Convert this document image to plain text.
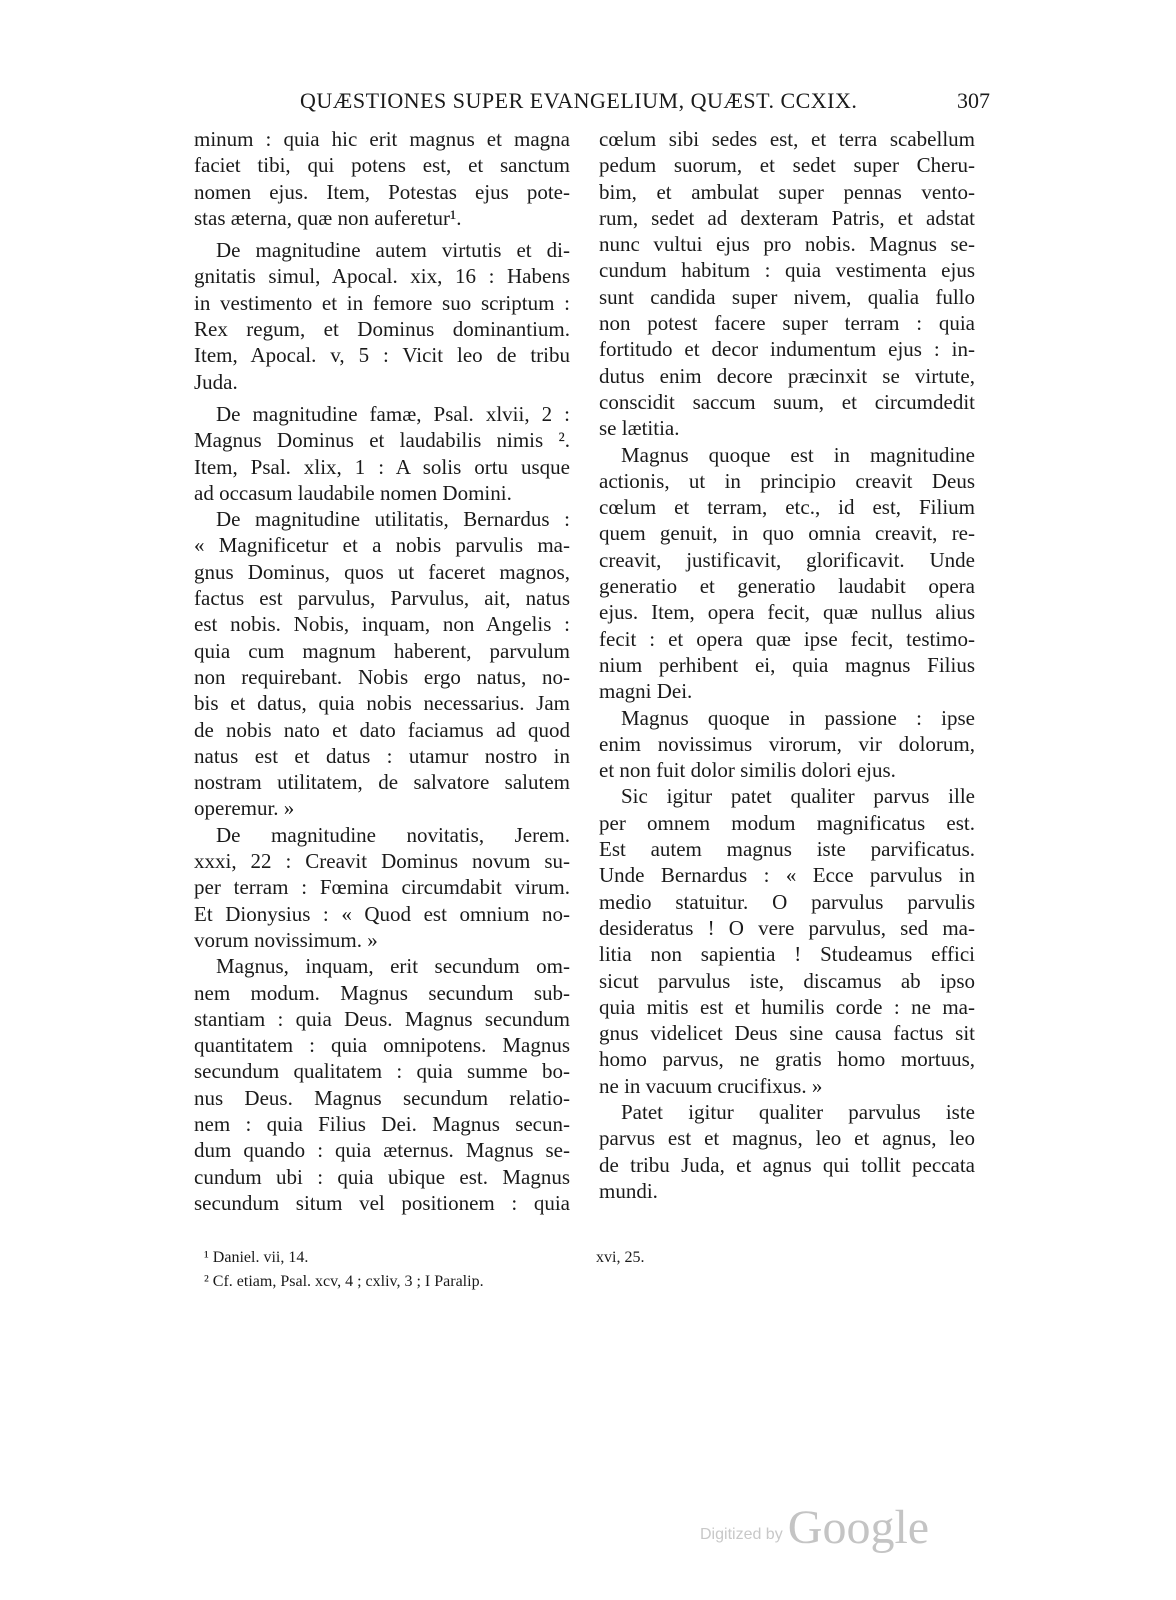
QUÆSTIONES SUPER EVANGELIUM, QUÆST. CCXIX.	307
minum : quia hic erit magnus et magna
faciet tibi, qui potens est, et sanctum
nomen ejus. Item, Potestas ejus pote-
stas æterna, quæ non auferetur¹.
De magnitudine autem virtutis et di-
gnitatis simul, Apocal. xix, 16 : Habens
in vestimento et in femore suo scriptum :
Rex regum, et Dominus dominantium.
Item, Apocal. v, 5 : Vicit leo de tribu
Juda.
De magnitudine famæ, Psal. xlvii, 2 :
Magnus Dominus et laudabilis nimis ².
Item, Psal. xlix, 1 : A solis ortu usque
ad occasum laudabile nomen Domini.
De magnitudine utilitatis, Bernardus :
« Magnificetur et a nobis parvulis ma-
gnus Dominus, quos ut faceret magnos,
factus est parvulus, Parvulus, ait, natus
est nobis. Nobis, inquam, non Angelis :
quia cum magnum haberent, parvulum
non requirebant. Nobis ergo natus, no-
bis et datus, quia nobis necessarius. Jam
de nobis nato et dato faciamus ad quod
natus est et datus : utamur nostro in
nostram utilitatem, de salvatore salutem
operemur. »
De magnitudine novitatis, Jerem.
xxxi, 22 : Creavit Dominus novum su-
per terram : Fœmina circumdabit virum.
Et Dionysius : « Quod est omnium no-
vorum novissimum. »
Magnus, inquam, erit secundum om-
nem modum. Magnus secundum sub-
stantiam : quia Deus. Magnus secundum
quantitatem : quia omnipotens. Magnus
secundum qualitatem : quia summe bo-
nus Deus. Magnus secundum relatio-
nem : quia Filius Dei. Magnus secun-
dum quando : quia æternus. Magnus se-
cundum ubi : quia ubique est. Magnus
secundum situm vel positionem : quia
cœlum sibi sedes est, et terra scabellum
pedum suorum, et sedet super Cheru-
bim, et ambulat super pennas vento-
rum, sedet ad dexteram Patris, et adstat
nunc vultui ejus pro nobis. Magnus se-
cundum habitum : quia vestimenta ejus
sunt candida super nivem, qualia fullo
non potest facere super terram : quia
fortitudo et decor indumentum ejus : in-
dutus enim decore præcinxit se virtute,
conscidit saccum suum, et circumdedit
se lætitia.
Magnus quoque est in magnitudine
actionis, ut in principio creavit Deus
cœlum et terram, etc., id est, Filium
quem genuit, in quo omnia creavit, re-
creavit, justificavit, glorificavit. Unde
generatio et generatio laudabit opera
ejus. Item, opera fecit, quæ nullus alius
fecit : et opera quæ ipse fecit, testimo-
nium perhibent ei, quia magnus Filius
magni Dei.
Magnus quoque in passione : ipse
enim novissimus virorum, vir dolorum,
et non fuit dolor similis dolori ejus.
Sic igitur patet qualiter parvus ille
per omnem modum magnificatus est.
Est autem magnus iste parvificatus.
Unde Bernardus : « Ecce parvulus in
medio statuitur. O parvulus parvulis
desideratus ! O vere parvulus, sed ma-
litia non sapientia ! Studeamus effici
sicut parvulus iste, discamus ab ipso
quia mitis est et humilis corde : ne ma-
gnus videlicet Deus sine causa factus sit
homo parvus, ne gratis homo mortuus,
ne in vacuum crucifixus. »
Patet igitur qualiter parvulus iste
parvus est et magnus, leo et agnus, leo
de tribu Juda, et agnus qui tollit peccata
mundi.
¹ Daniel. vii, 14.
² Cf. etiam, Psal. xcv, 4 ; cxliv, 3 ; I Paralip.
xvi, 25.
Digitized by Google
